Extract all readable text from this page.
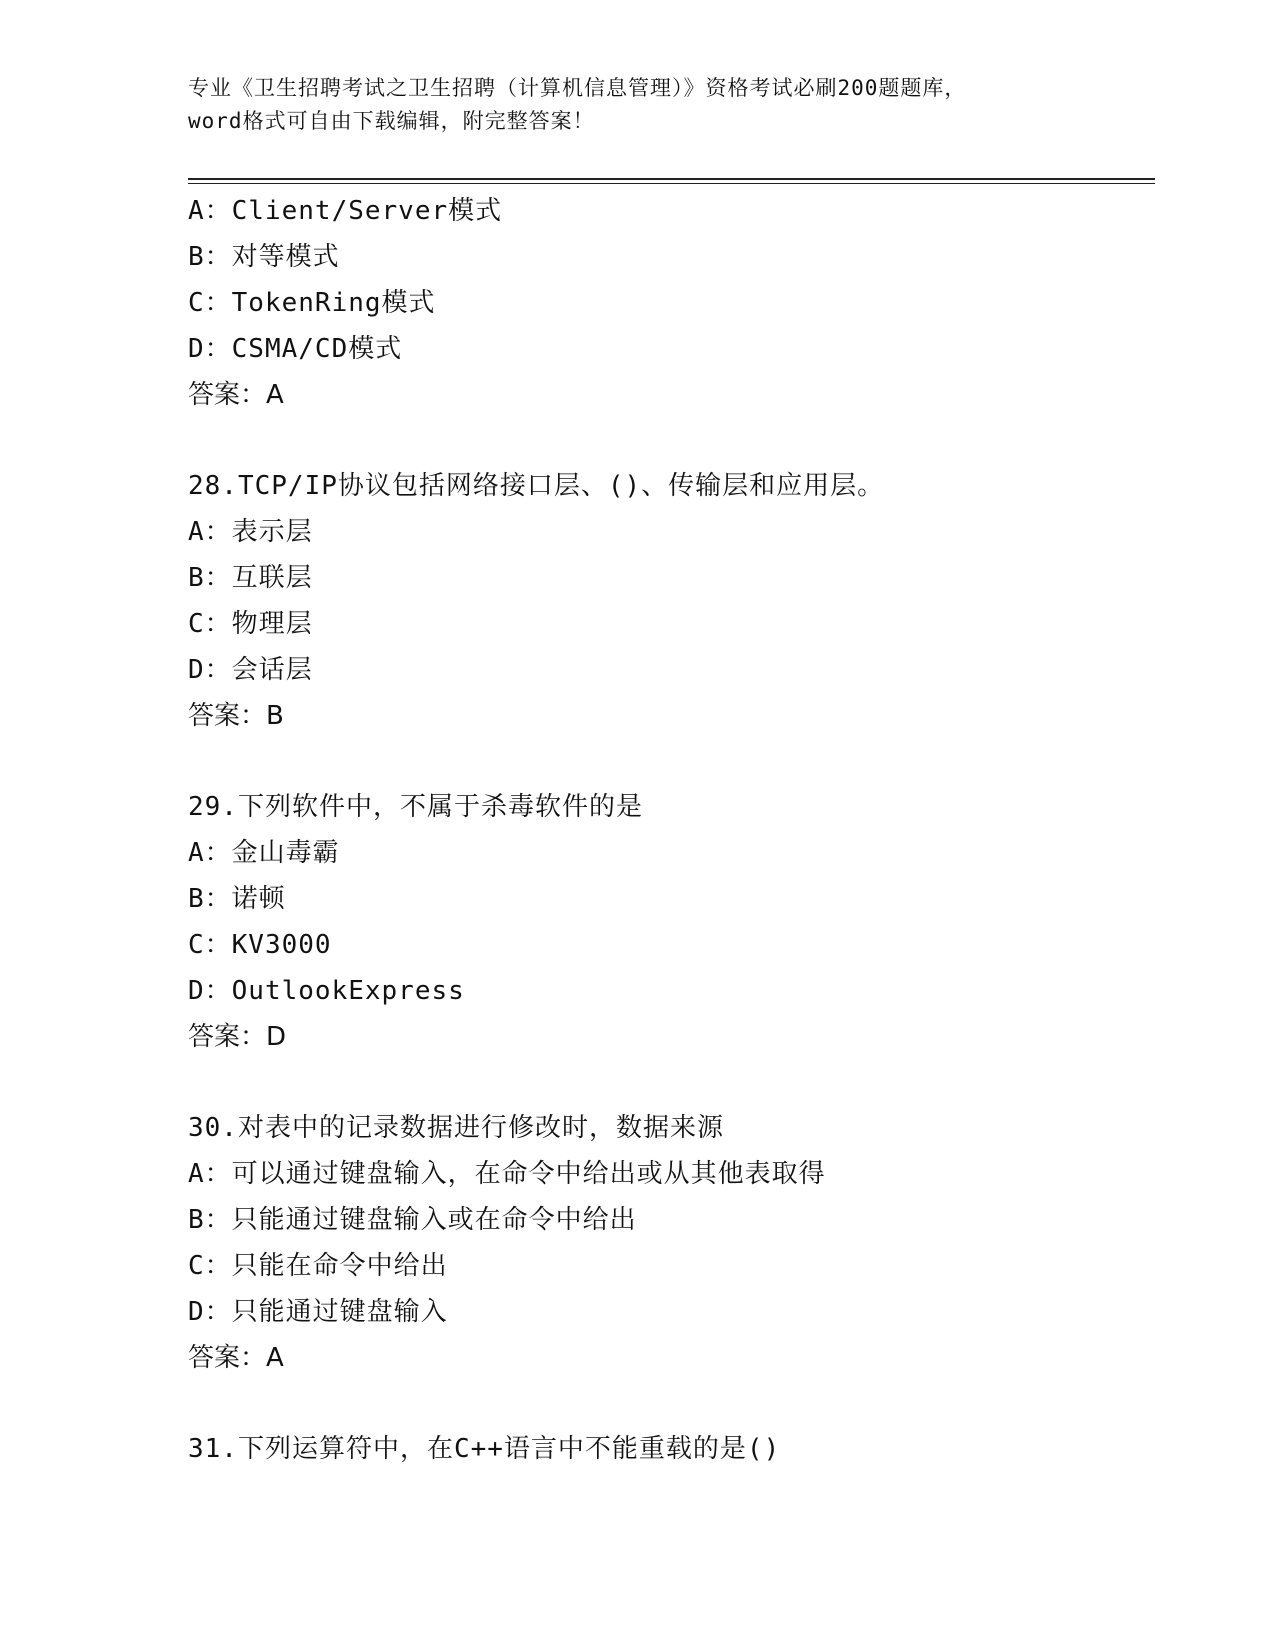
专业《卫生招聘考试之卫生招聘（计算机信息管理）》资格考试必刷200题题库，
word格式可自由下载编辑，附完整答案！
A：Client/Server模式
B：对等模式
C：TokenRing模式
D：CSMA/CD模式
答案：A
28.TCP/IP协议包括网络接口层、()、传输层和应用层。
A：表示层
B：互联层
C：物理层
D：会话层
答案：B
29.下列软件中，不属于杀毒软件的是
A：金山毒霸
B：诺顿
C：KV3000
D：OutlookExpress
答案：D
30.对表中的记录数据进行修改时，数据来源
A：可以通过键盘输入，在命令中给出或从其他表取得
B：只能通过键盘输入或在命令中给出
C：只能在命令中给出
D：只能通过键盘输入
答案：A
31.下列运算符中，在C++语言中不能重载的是()
